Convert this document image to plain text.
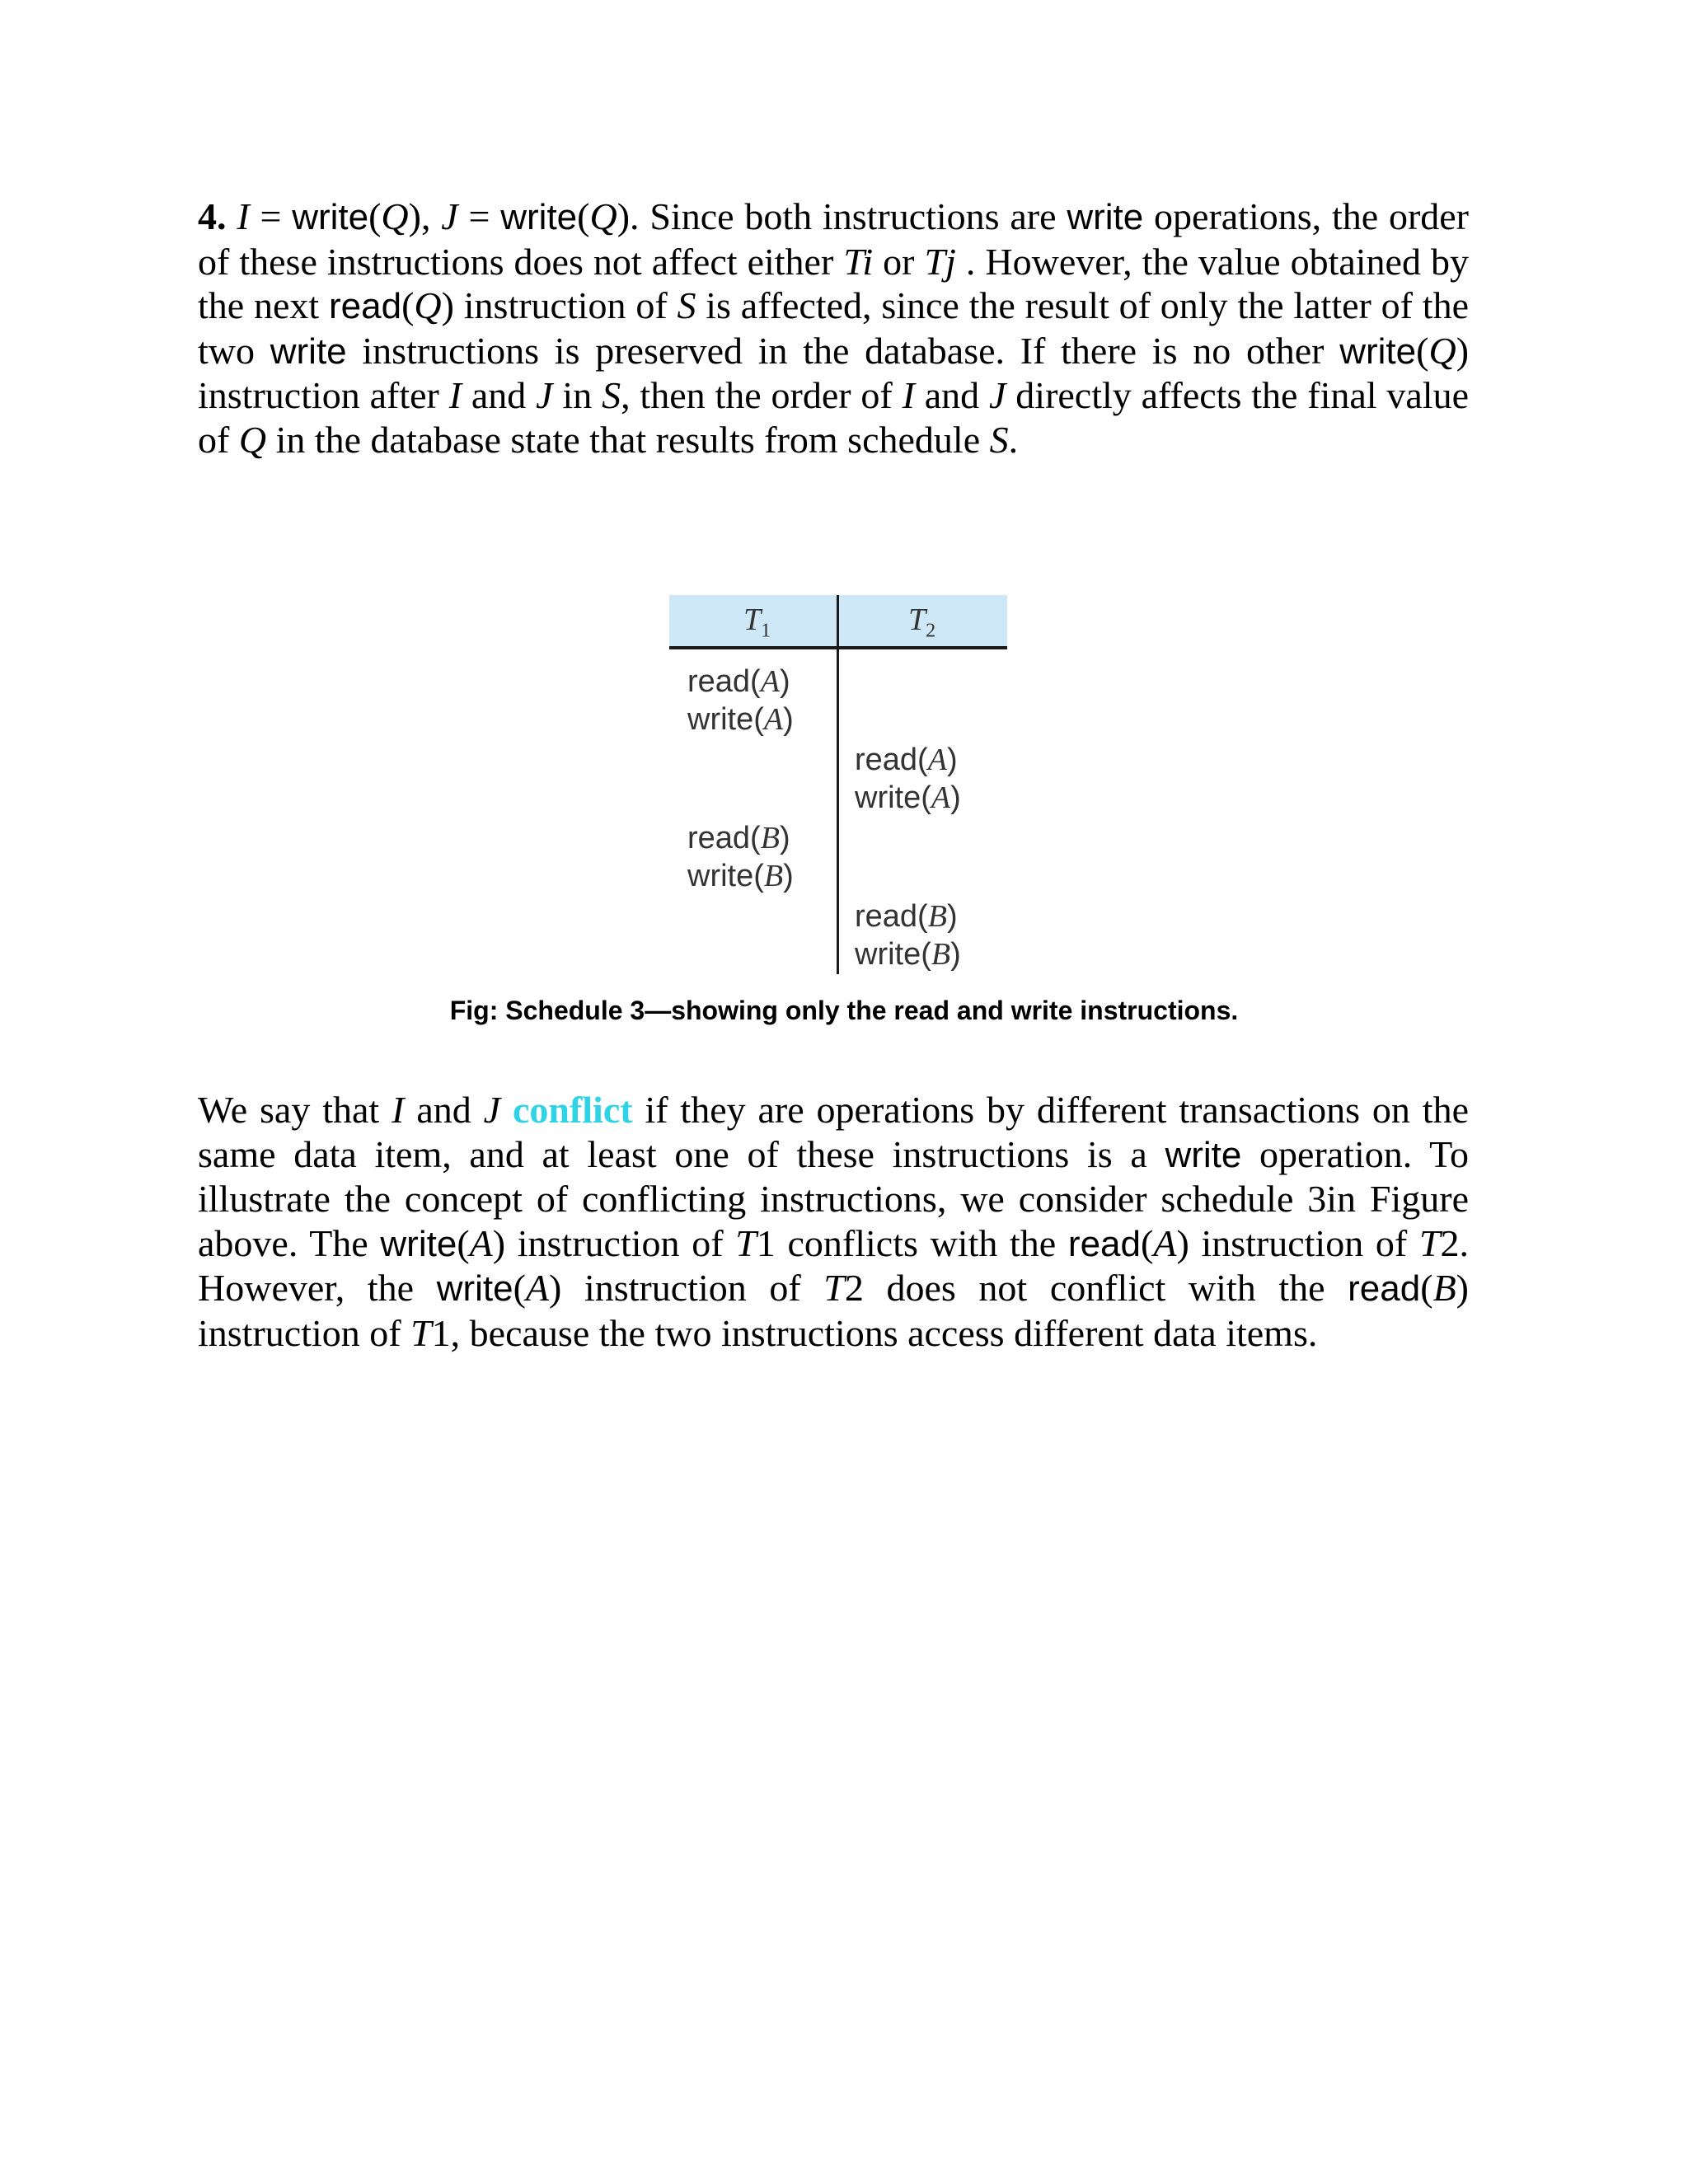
4. I = write(Q), J = write(Q). Since both instructions are write operations, the order of these instructions does not affect either Ti or Tj . However, the value obtained by the next read(Q) instruction of S is affected, since the result of only the latter of the two write instructions is preserved in the database. If there is no other write(Q) instruction after I and J in S, then the order of I and J directly affects the final value of Q in the database state that results from schedule S.

$T_1$	$T_2$
read(A)
write(A)
read(A)
write(A)
read(B)
write(B)
read(B)
write(B)

Fig: Schedule 3—showing only the read and write instructions.

We say that I and J conflict if they are operations by different transactions on the same data item, and at least one of these instructions is a write operation. To illustrate the concept of conflicting instructions, we consider schedule 3in Figure above. The write(A) instruction of T1 conflicts with the read(A) instruction of T2. However, the write(A) instruction of T2 does not conflict with the read(B) instruction of T1, because the two instructions access different data items.
